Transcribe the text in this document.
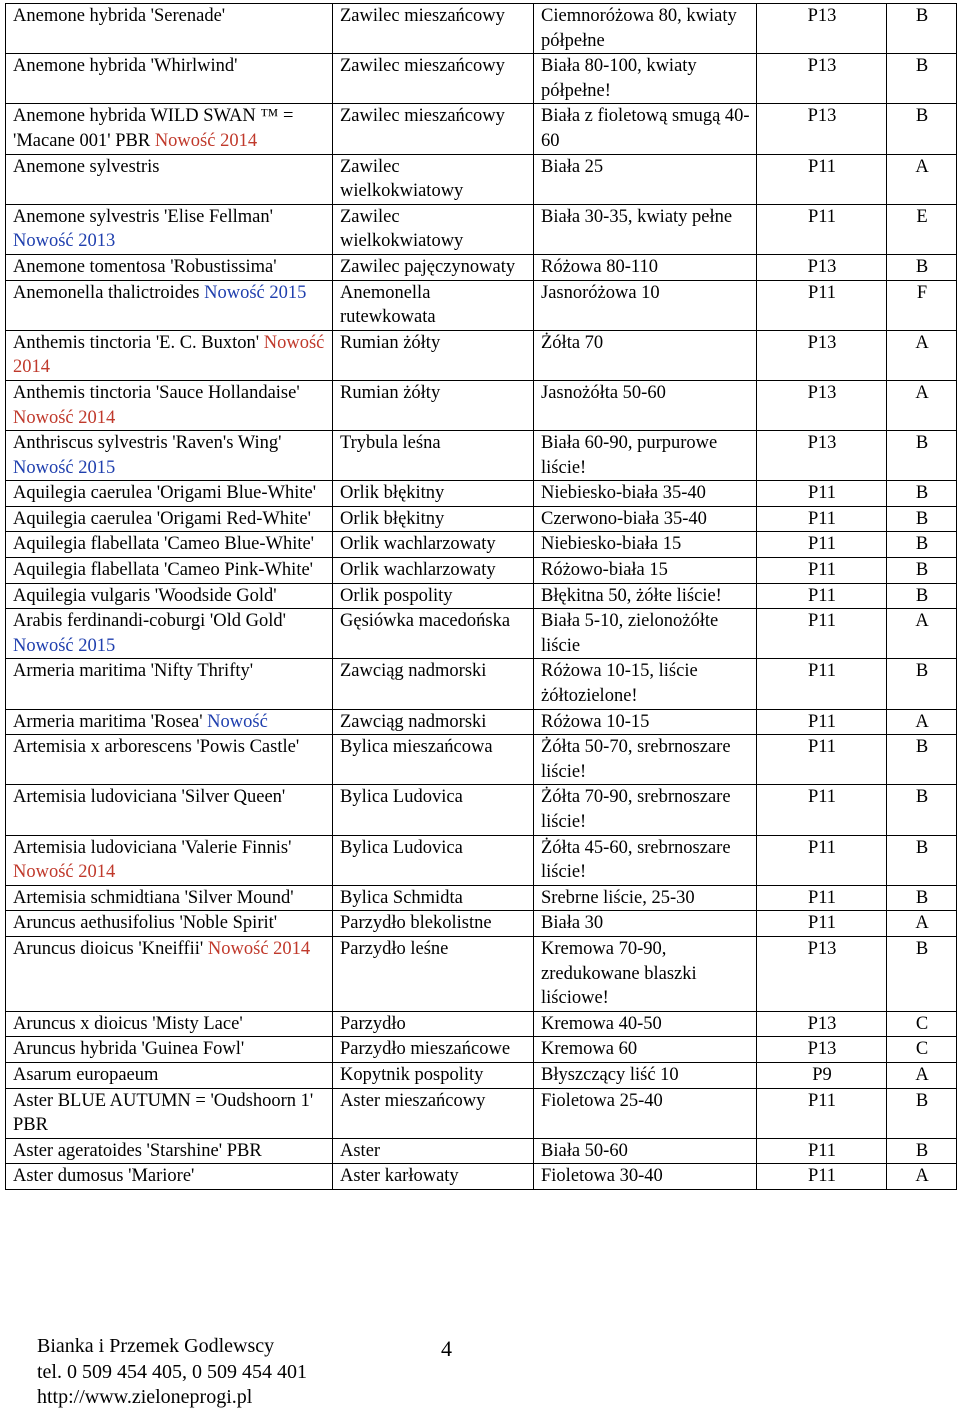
Anemone hybrida 'Serenade'	Zawilec mieszańcowy	Ciemnoróżowa 80, kwiaty półpełne	P13	B
Anemone hybrida 'Whirlwind'	Zawilec mieszańcowy	Biała 80-100, kwiaty półpełne!	P13	B
Anemone hybrida WILD SWAN ™ = 'Macane 001' PBR Nowość 2014	Zawilec mieszańcowy	Biała z fioletową smugą 40-60	P13	B
Anemone sylvestris	Zawilec wielkokwiatowy	Biała 25	P11	A
Anemone sylvestris 'Elise Fellman' Nowość 2013	Zawilec wielkokwiatowy	Biała 30-35, kwiaty pełne	P11	E
Anemone tomentosa 'Robustissima'	Zawilec pajęczynowaty	Różowa 80-110	P13	B
Anemonella thalictroides Nowość 2015	Anemonella rutewkowata	Jasnoróżowa 10	P11	F
Anthemis tinctoria 'E. C. Buxton' Nowość 2014	Rumian żółty	Żółta 70	P13	A
Anthemis tinctoria 'Sauce Hollandaise' Nowość 2014	Rumian żółty	Jasnożółta 50-60	P13	A
Anthriscus sylvestris 'Raven's Wing' Nowość 2015	Trybula leśna	Biała 60-90, purpurowe liście!	P13	B
Aquilegia caerulea 'Origami Blue-White'	Orlik błękitny	Niebiesko-biała 35-40	P11	B
Aquilegia caerulea 'Origami Red-White'	Orlik błękitny	Czerwono-biała 35-40	P11	B
Aquilegia flabellata 'Cameo Blue-White'	Orlik wachlarzowaty	Niebiesko-biała 15	P11	B
Aquilegia flabellata 'Cameo Pink-White'	Orlik wachlarzowaty	Różowo-biała 15	P11	B
Aquilegia vulgaris 'Woodside Gold'	Orlik pospolity	Błękitna 50, żółte liście!	P11	B
Arabis ferdinandi-coburgi 'Old Gold' Nowość 2015	Gęsiówka macedońska	Biała 5-10, zielonożółte liście	P11	A
Armeria maritima 'Nifty Thrifty'	Zawciąg nadmorski	Różowa 10-15, liście żółtozielone!	P11	B
Armeria maritima 'Rosea' Nowość	Zawciąg nadmorski	Różowa 10-15	P11	A
Artemisia x arborescens 'Powis Castle'	Bylica mieszańcowa	Żółta 50-70, srebrnoszare liście!	P11	B
Artemisia ludoviciana 'Silver Queen'	Bylica Ludovica	Żółta 70-90, srebrnoszare liście!	P11	B
Artemisia ludoviciana 'Valerie Finnis' Nowość 2014	Bylica Ludovica	Żółta 45-60, srebrnoszare liście!	P11	B
Artemisia schmidtiana 'Silver Mound'	Bylica Schmidta	Srebrne liście, 25-30	P11	B
Aruncus aethusifolius 'Noble Spirit'	Parzydło blekolistne	Biała 30	P11	A
Aruncus dioicus 'Kneiffii' Nowość 2014	Parzydło leśne	Kremowa 70-90, zredukowane blaszki liściowe!	P13	B
Aruncus x dioicus 'Misty Lace'	Parzydło	Kremowa 40-50	P13	C
Aruncus hybrida 'Guinea Fowl'	Parzydło mieszańcowe	Kremowa 60	P13	C
Asarum europaeum	Kopytnik pospolity	Błyszczący liść 10	P9	A
Aster BLUE AUTUMN = 'Oudshoorn 1' PBR	Aster mieszańcowy	Fioletowa 25-40	P11	B
Aster ageratoides 'Starshine' PBR	Aster	Biała 50-60	P11	B
Aster dumosus 'Mariore'	Aster karłowaty	Fioletowa 30-40	P11	A
Bianka i Przemek Godlewscy
tel. 0 509 454 405, 0 509 454 401
http://www.zieloneprogi.pl
4
